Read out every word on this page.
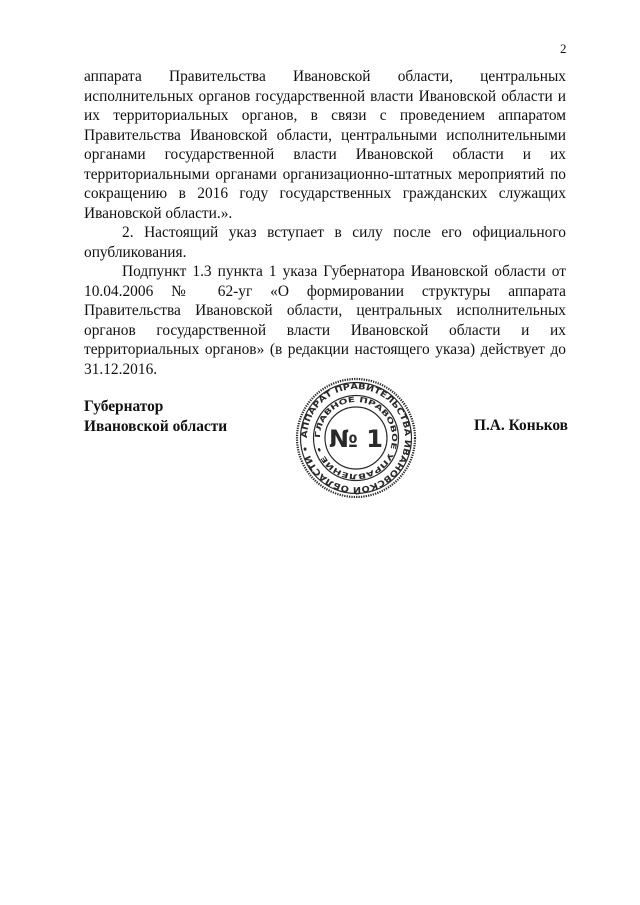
2

аппарата Правительства Ивановской области, центральных исполнительных органов государственной власти Ивановской области и их территориальных органов, в связи с проведением аппаратом Правительства Ивановской области, центральными исполнительными органами государственной власти Ивановской области и их территориальными органами организационно-штатных мероприятий по сокращению в 2016 году государственных гражданских служащих Ивановской области.».

2. Настоящий указ вступает в силу после его официального опубликования.

Подпункт 1.3 пункта 1 указа Губернатора Ивановской области от 10.04.2006 № 62-уг «О формировании структуры аппарата Правительства Ивановской области, центральных исполнительных органов государственной власти Ивановской области и их территориальных органов» (в редакции настоящего указа) действует до 31.12.2016.

Губернатор
Ивановской области
АППАРАТ ПРАВИТЕЛЬСТВА ИВАНОВСКОЙ ОБЛАСТИ •
ГЛАВНОЕ ПРАВОВОЕ УПРАВЛЕНИЕ • № 1	П.А. Коньков
